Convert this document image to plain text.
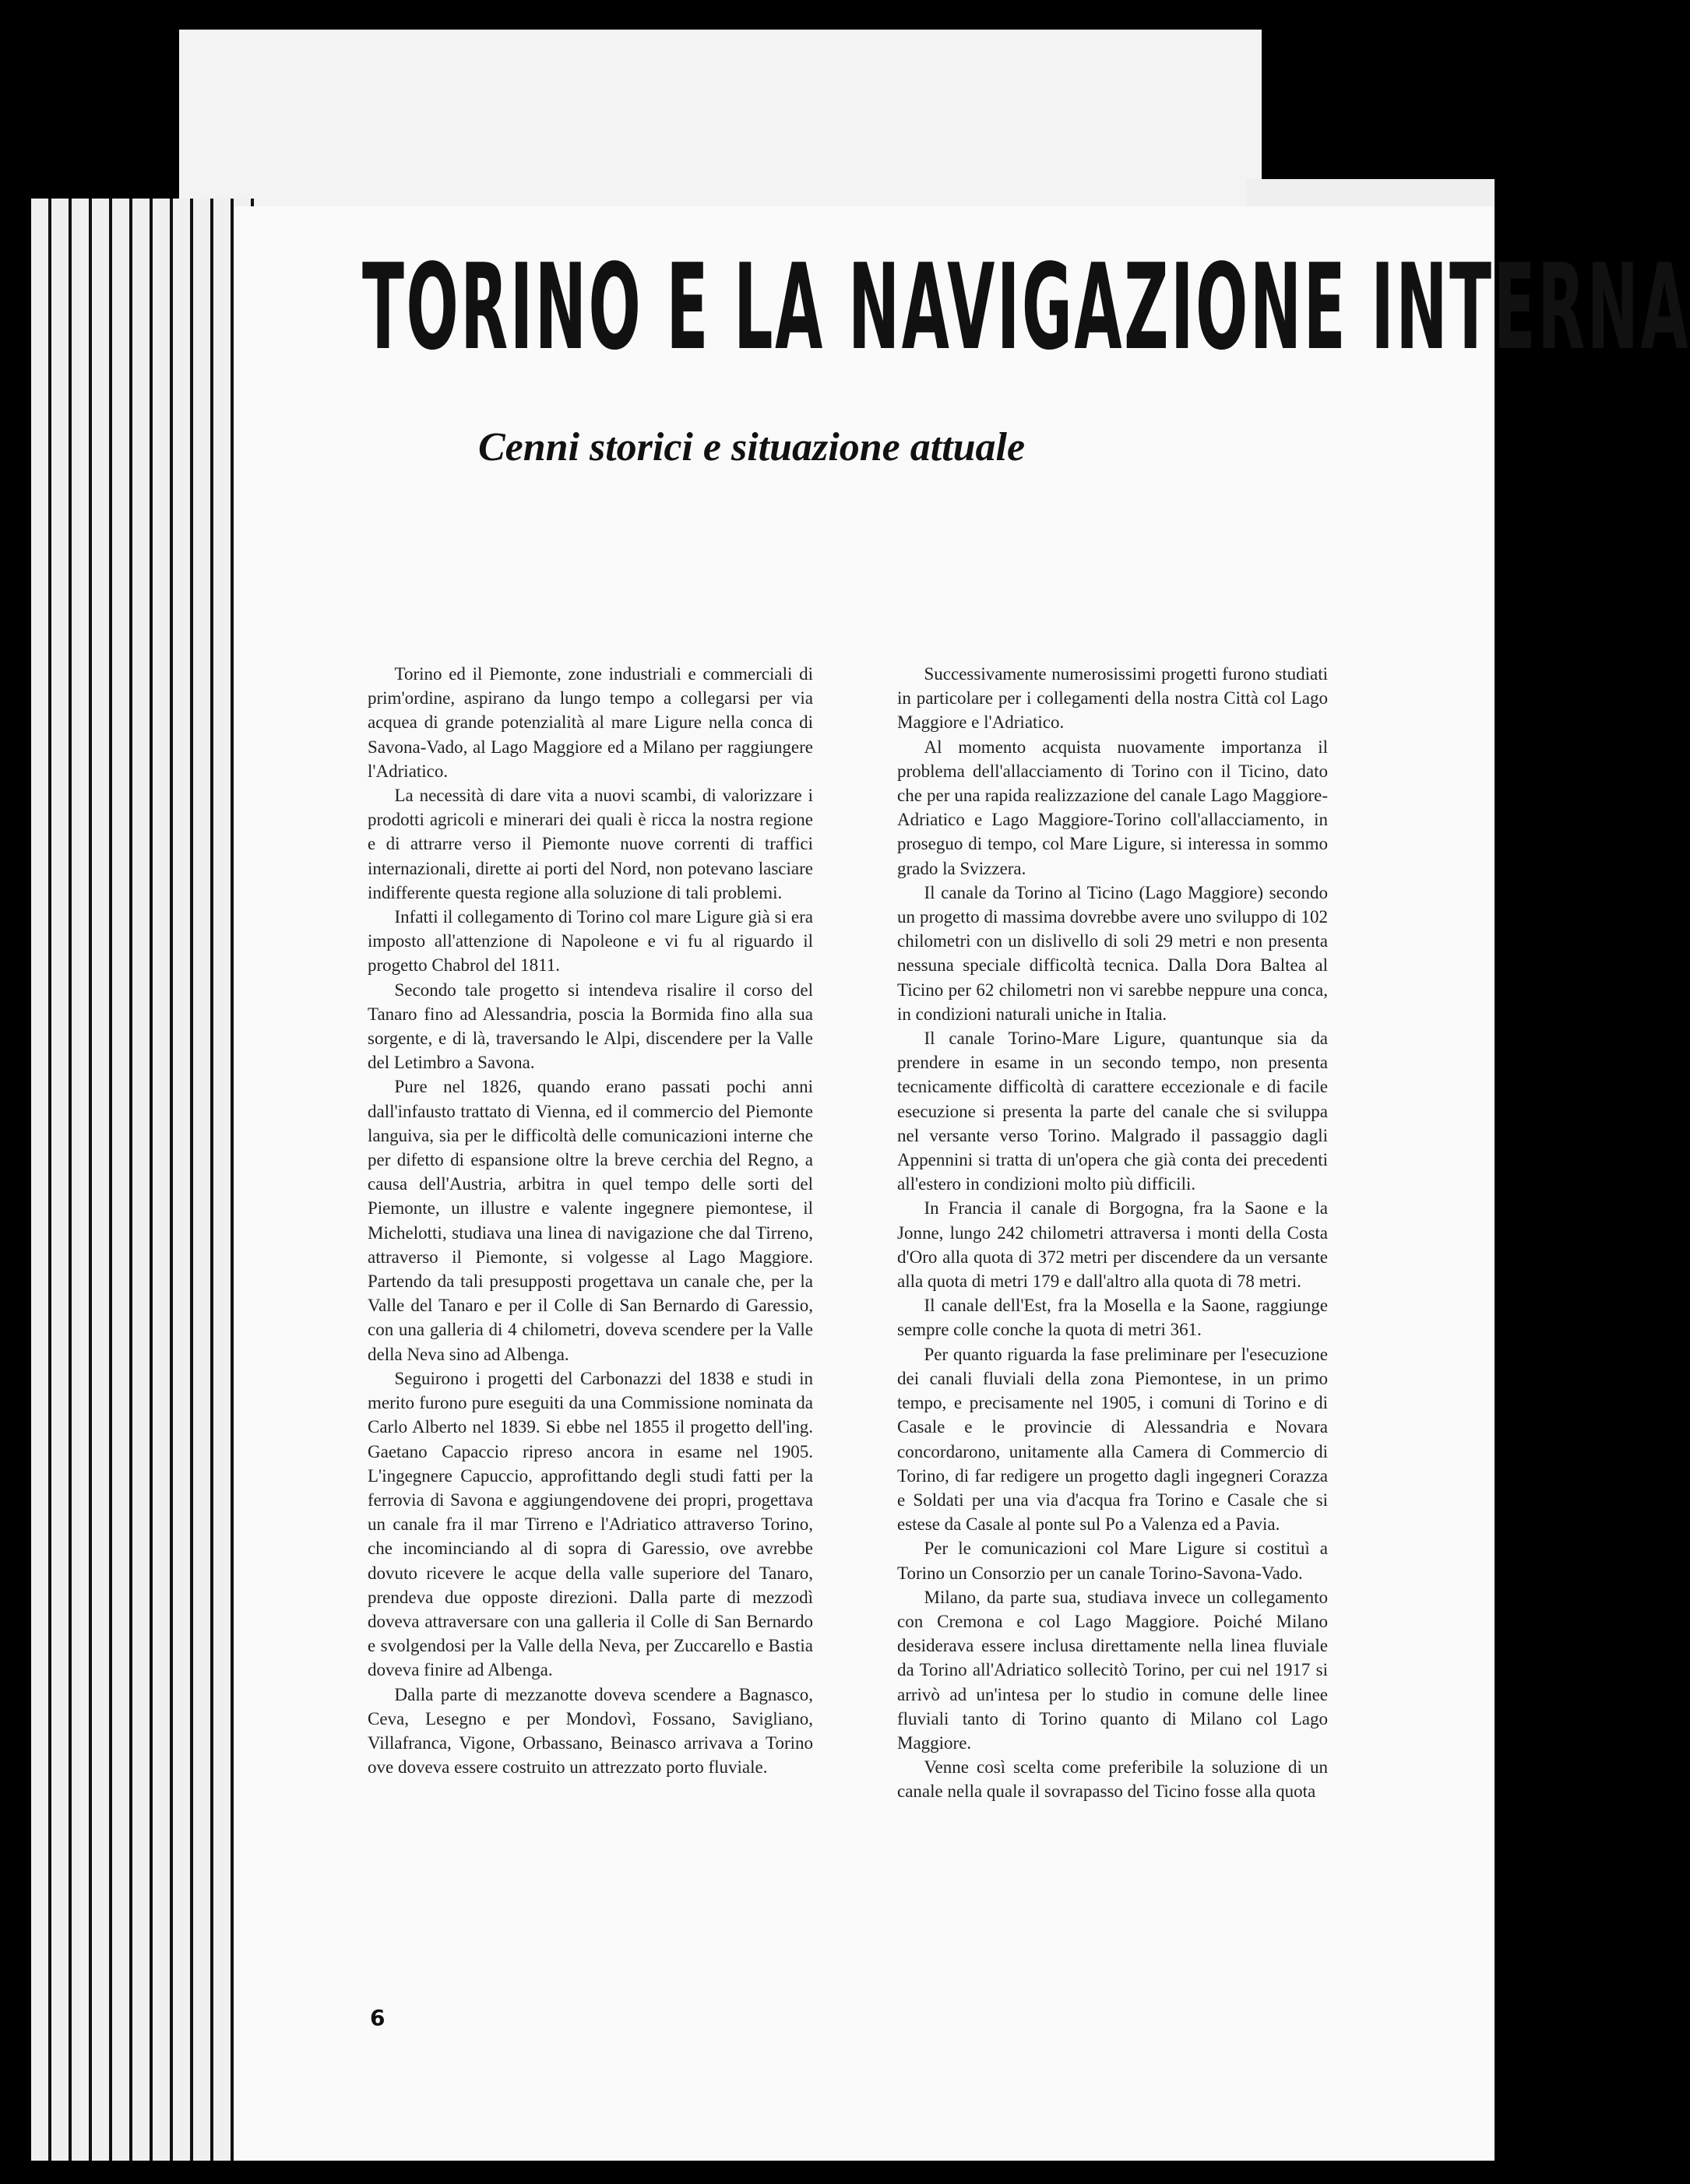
TORINO E LA NAVIGAZIONE INTERNA
Cenni storici e situazione attuale

Torino ed il Piemonte, zone industriali e commerciali di prim'ordine, aspirano da lungo tempo a collegarsi per via acquea di grande potenzialità al mare Ligure nella conca di Savona-Vado, al Lago Maggiore ed a Milano per raggiungere l'Adriatico.

La necessità di dare vita a nuovi scambi, di valorizzare i prodotti agricoli e minerari dei quali è ricca la nostra regione e di attrarre verso il Piemonte nuove correnti di traffici internazionali, dirette ai porti del Nord, non potevano lasciare indifferente questa regione alla soluzione di tali problemi.

Infatti il collegamento di Torino col mare Ligure già si era imposto all'attenzione di Napoleone e vi fu al riguardo il progetto Chabrol del 1811.

Secondo tale progetto si intendeva risalire il corso del Tanaro fino ad Alessandria, poscia la Bormida fino alla sua sorgente, e di là, traversando le Alpi, discendere per la Valle del Letimbro a Savona.

Pure nel 1826, quando erano passati pochi anni dall'infausto trattato di Vienna, ed il commercio del Piemonte languiva, sia per le difficoltà delle comunicazioni interne che per difetto di espansione oltre la breve cerchia del Regno, a causa dell'Austria, arbitra in quel tempo delle sorti del Piemonte, un illustre e valente ingegnere piemontese, il Michelotti, studiava una linea di navigazione che dal Tirreno, attraverso il Piemonte, si volgesse al Lago Maggiore. Partendo da tali presupposti progettava un canale che, per la Valle del Tanaro e per il Colle di San Bernardo di Garessio, con una galleria di 4 chilometri, doveva scendere per la Valle della Neva sino ad Albenga.

Seguirono i progetti del Carbonazzi del 1838 e studi in merito furono pure eseguiti da una Commissione nominata da Carlo Alberto nel 1839. Si ebbe nel 1855 il progetto dell'ing. Gaetano Capaccio ripreso ancora in esame nel 1905. L'ingegnere Capuccio, approfittando degli studi fatti per la ferrovia di Savona e aggiungendovene dei propri, progettava un canale fra il mar Tirreno e l'Adriatico attraverso Torino, che incominciando al di sopra di Garessio, ove avrebbe dovuto ricevere le acque della valle superiore del Tanaro, prendeva due opposte direzioni. Dalla parte di mezzodì doveva attraversare con una galleria il Colle di San Bernardo e svolgendosi per la Valle della Neva, per Zuccarello e Bastia doveva finire ad Albenga.

Dalla parte di mezzanotte doveva scendere a Bagnasco, Ceva, Lesegno e per Mondovì, Fossano, Savigliano, Villafranca, Vigone, Orbassano, Beinasco arrivava a Torino ove doveva essere costruito un attrezzato porto fluviale.

Successivamente numerosissimi progetti furono studiati in particolare per i collegamenti della nostra Città col Lago Maggiore e l'Adriatico.

Al momento acquista nuovamente importanza il problema dell'allacciamento di Torino con il Ticino, dato che per una rapida realizzazione del canale Lago Maggiore-Adriatico e Lago Maggiore-Torino coll'allacciamento, in proseguo di tempo, col Mare Ligure, si interessa in sommo grado la Svizzera.

Il canale da Torino al Ticino (Lago Maggiore) secondo un progetto di massima dovrebbe avere uno sviluppo di 102 chilometri con un dislivello di soli 29 metri e non presenta nessuna speciale difficoltà tecnica. Dalla Dora Baltea al Ticino per 62 chilometri non vi sarebbe neppure una conca, in condizioni naturali uniche in Italia.

Il canale Torino-Mare Ligure, quantunque sia da prendere in esame in un secondo tempo, non presenta tecnicamente difficoltà di carattere eccezionale e di facile esecuzione si presenta la parte del canale che si sviluppa nel versante verso Torino. Malgrado il passaggio dagli Appennini si tratta di un'opera che già conta dei precedenti all'estero in condizioni molto più difficili.

In Francia il canale di Borgogna, fra la Saone e la Jonne, lungo 242 chilometri attraversa i monti della Costa d'Oro alla quota di 372 metri per discendere da un versante alla quota di metri 179 e dall'altro alla quota di 78 metri.

Il canale dell'Est, fra la Mosella e la Saone, raggiunge sempre colle conche la quota di metri 361.

Per quanto riguarda la fase preliminare per l'esecuzione dei canali fluviali della zona Piemontese, in un primo tempo, e precisamente nel 1905, i comuni di Torino e di Casale e le provincie di Alessandria e Novara concordarono, unitamente alla Camera di Commercio di Torino, di far redigere un progetto dagli ingegneri Corazza e Soldati per una via d'acqua fra Torino e Casale che si estese da Casale al ponte sul Po a Valenza ed a Pavia.

Per le comunicazioni col Mare Ligure si costituì a Torino un Consorzio per un canale Torino-Savona-Vado.

Milano, da parte sua, studiava invece un collegamento con Cremona e col Lago Maggiore. Poiché Milano desiderava essere inclusa direttamente nella linea fluviale da Torino all'Adriatico sollecitò Torino, per cui nel 1917 si arrivò ad un'intesa per lo studio in comune delle linee fluviali tanto di Torino quanto di Milano col Lago Maggiore.

Venne così scelta come preferibile la soluzione di un canale nella quale il sovrapasso del Ticino fosse alla quota

6
